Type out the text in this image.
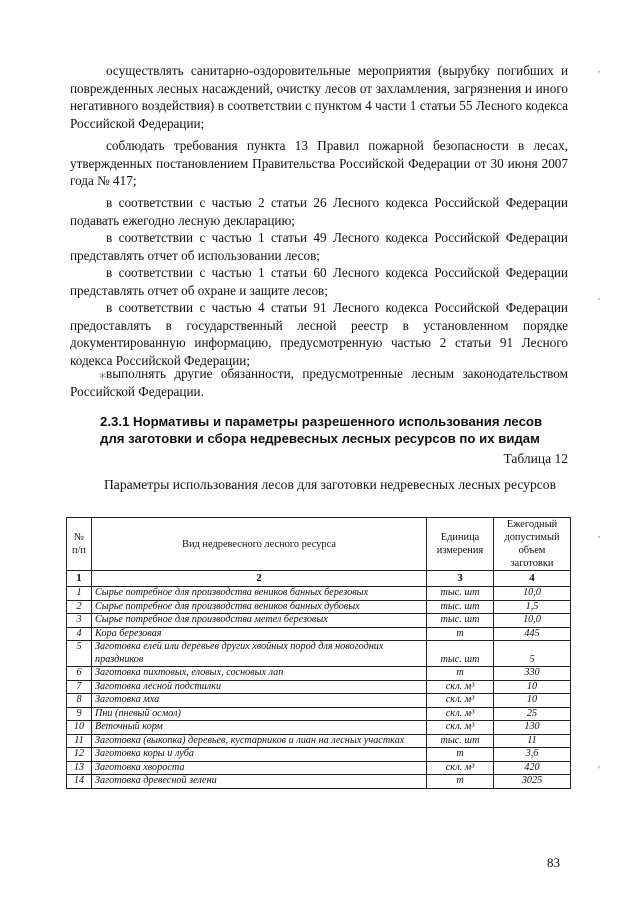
осуществлять санитарно-оздоровительные мероприятия (вырубку погибших и поврежденных лесных насаждений, очистку лесов от захламления, загрязнения и иного негативного воздействия) в соответствии с пунктом 4 части 1 статьи 55 Лесного кодекса Российской Федерации;

соблюдать требования пункта 13 Правил пожарной безопасности в лесах, утвержденных постановлением Правительства Российской Федерации от 30 июня 2007 года № 417;

в соответствии с частью 2 статьи 26 Лесного кодекса Российской Федерации подавать ежегодно лесную декларацию;

в соответствии с частью 1 статьи 49 Лесного кодекса Российской Федерации представлять отчет об использовании лесов;

в соответствии с частью 1 статьи 60 Лесного кодекса Российской Федерации представлять отчет об охране и защите лесов;

в соответствии с частью 4 статьи 91 Лесного кодекса Российской Федерации предоставлять в государственный лесной реестр в установленном порядке документированную информацию, предусмотренную частью 2 статьи 91 Лесного кодекса Российской Федерации;

⁎выполнять другие обязанности, предусмотренные лесным законодательством Российской Федерации.

2.3.1 Нормативы и параметры разрешенного использования лесов для заготовки и сбора недревесных лесных ресурсов по их видам
Таблица 12
Параметры использования лесов для заготовки недревесных лесных ресурсов
№ п/п	Вид недревесного лесного ресурса	Единица измерения	Ежегодный допустимый объем заготовки
1	2	3	4
1	Сырье потребное для производства веников банных березовых	тыс. шт	10,0
2	Сырье потребное для производства веников банных дубовых	тыс. шт	1,5
3	Сырье потребное для производства метел березовых	тыс. шт	10,0
4	Кора березовая	т	445
5	Заготовка елей или деревьев других хвойных пород для новогодних праздников	тыс. шт	5
6	Заготовка пихтовых, еловых, сосновых лап	т	330
7	Заготовка лесной подстилки	скл. м³	10
8	Заготовка мха	скл. м³	10
9	Пни (пневый осмол)	скл. м³	25
10	Веточный корм	скл. м³	130
11	Заготовка (выкопка) деревьев, кустарников и лиан на лесных участках	тыс. шт	11
12	Заготовка коры и луба	т	3,6
13	Заготовка хвороста	скл. м³	420
14	Заготовка древесной зелени	т	3025
83
ʹ
ʹ
ʹ
ʹ
